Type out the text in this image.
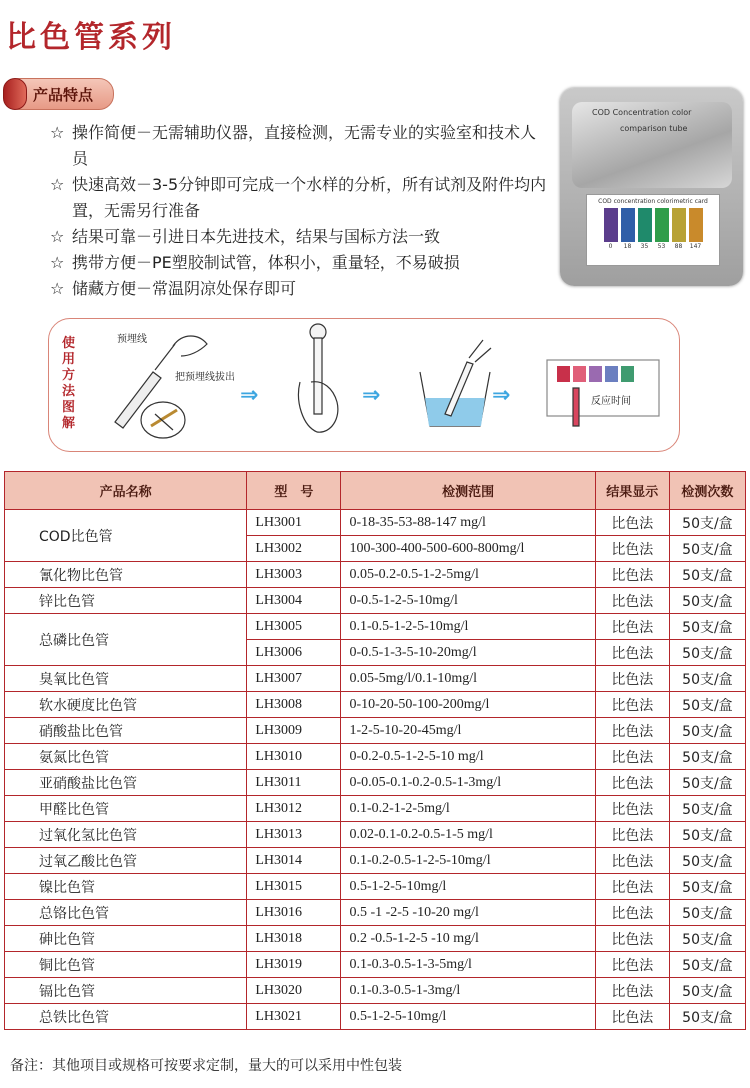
比色管系列
产品特点
☆ 操作简便－无需辅助仪器，直接检测，无需专业的实验室和技术人员
☆ 快速高效－3-5分钟即可完成一个水样的分析，所有试剂及附件均内置，无需另行准备
☆ 结果可靠－引进日本先进技术，结果与国标方法一致
☆ 携带方便－PE塑胶制试管，体积小，重量轻，不易破损
☆ 储藏方便－常温阴凉处保存即可
COD Concentration color
comparison tube
COD concentration colorimetric card
0	18	35	53	88	147
使用方法图解
预埋线
把预埋线拔出
反应时间
⇒	⇒	⇒
产品名称	型　号	检测范围	结果显示	检测次数
COD比色管	LH3001	0-18-35-53-88-147 mg/l	比色法	50支/盒
	LH3002	100-300-400-500-600-800mg/l	比色法	50支/盒
氰化物比色管	LH3003	0.05-0.2-0.5-1-2-5mg/l	比色法	50支/盒
锌比色管	LH3004	0-0.5-1-2-5-10mg/l	比色法	50支/盒
总磷比色管	LH3005	0.1-0.5-1-2-5-10mg/l	比色法	50支/盒
	LH3006	0-0.5-1-3-5-10-20mg/l	比色法	50支/盒
臭氧比色管	LH3007	0.05-5mg/l/0.1-10mg/l	比色法	50支/盒
软水硬度比色管	LH3008	0-10-20-50-100-200mg/l	比色法	50支/盒
硝酸盐比色管	LH3009	1-2-5-10-20-45mg/l	比色法	50支/盒
氨氮比色管	LH3010	0-0.2-0.5-1-2-5-10 mg/l	比色法	50支/盒
亚硝酸盐比色管	LH3011	0-0.05-0.1-0.2-0.5-1-3mg/l	比色法	50支/盒
甲醛比色管	LH3012	0.1-0.2-1-2-5mg/l	比色法	50支/盒
过氧化氢比色管	LH3013	0.02-0.1-0.2-0.5-1-5 mg/l	比色法	50支/盒
过氧乙酸比色管	LH3014	0.1-0.2-0.5-1-2-5-10mg/l	比色法	50支/盒
镍比色管	LH3015	0.5-1-2-5-10mg/l	比色法	50支/盒
总铬比色管	LH3016	0.5 -1 -2-5 -10-20 mg/l	比色法	50支/盒
砷比色管	LH3018	0.2 -0.5-1-2-5 -10 mg/l	比色法	50支/盒
铜比色管	LH3019	0.1-0.3-0.5-1-3-5mg/l	比色法	50支/盒
镉比色管	LH3020	0.1-0.3-0.5-1-3mg/l	比色法	50支/盒
总铁比色管	LH3021	0.5-1-2-5-10mg/l	比色法	50支/盒
备注：其他项目或规格可按要求定制，量大的可以采用中性包装
